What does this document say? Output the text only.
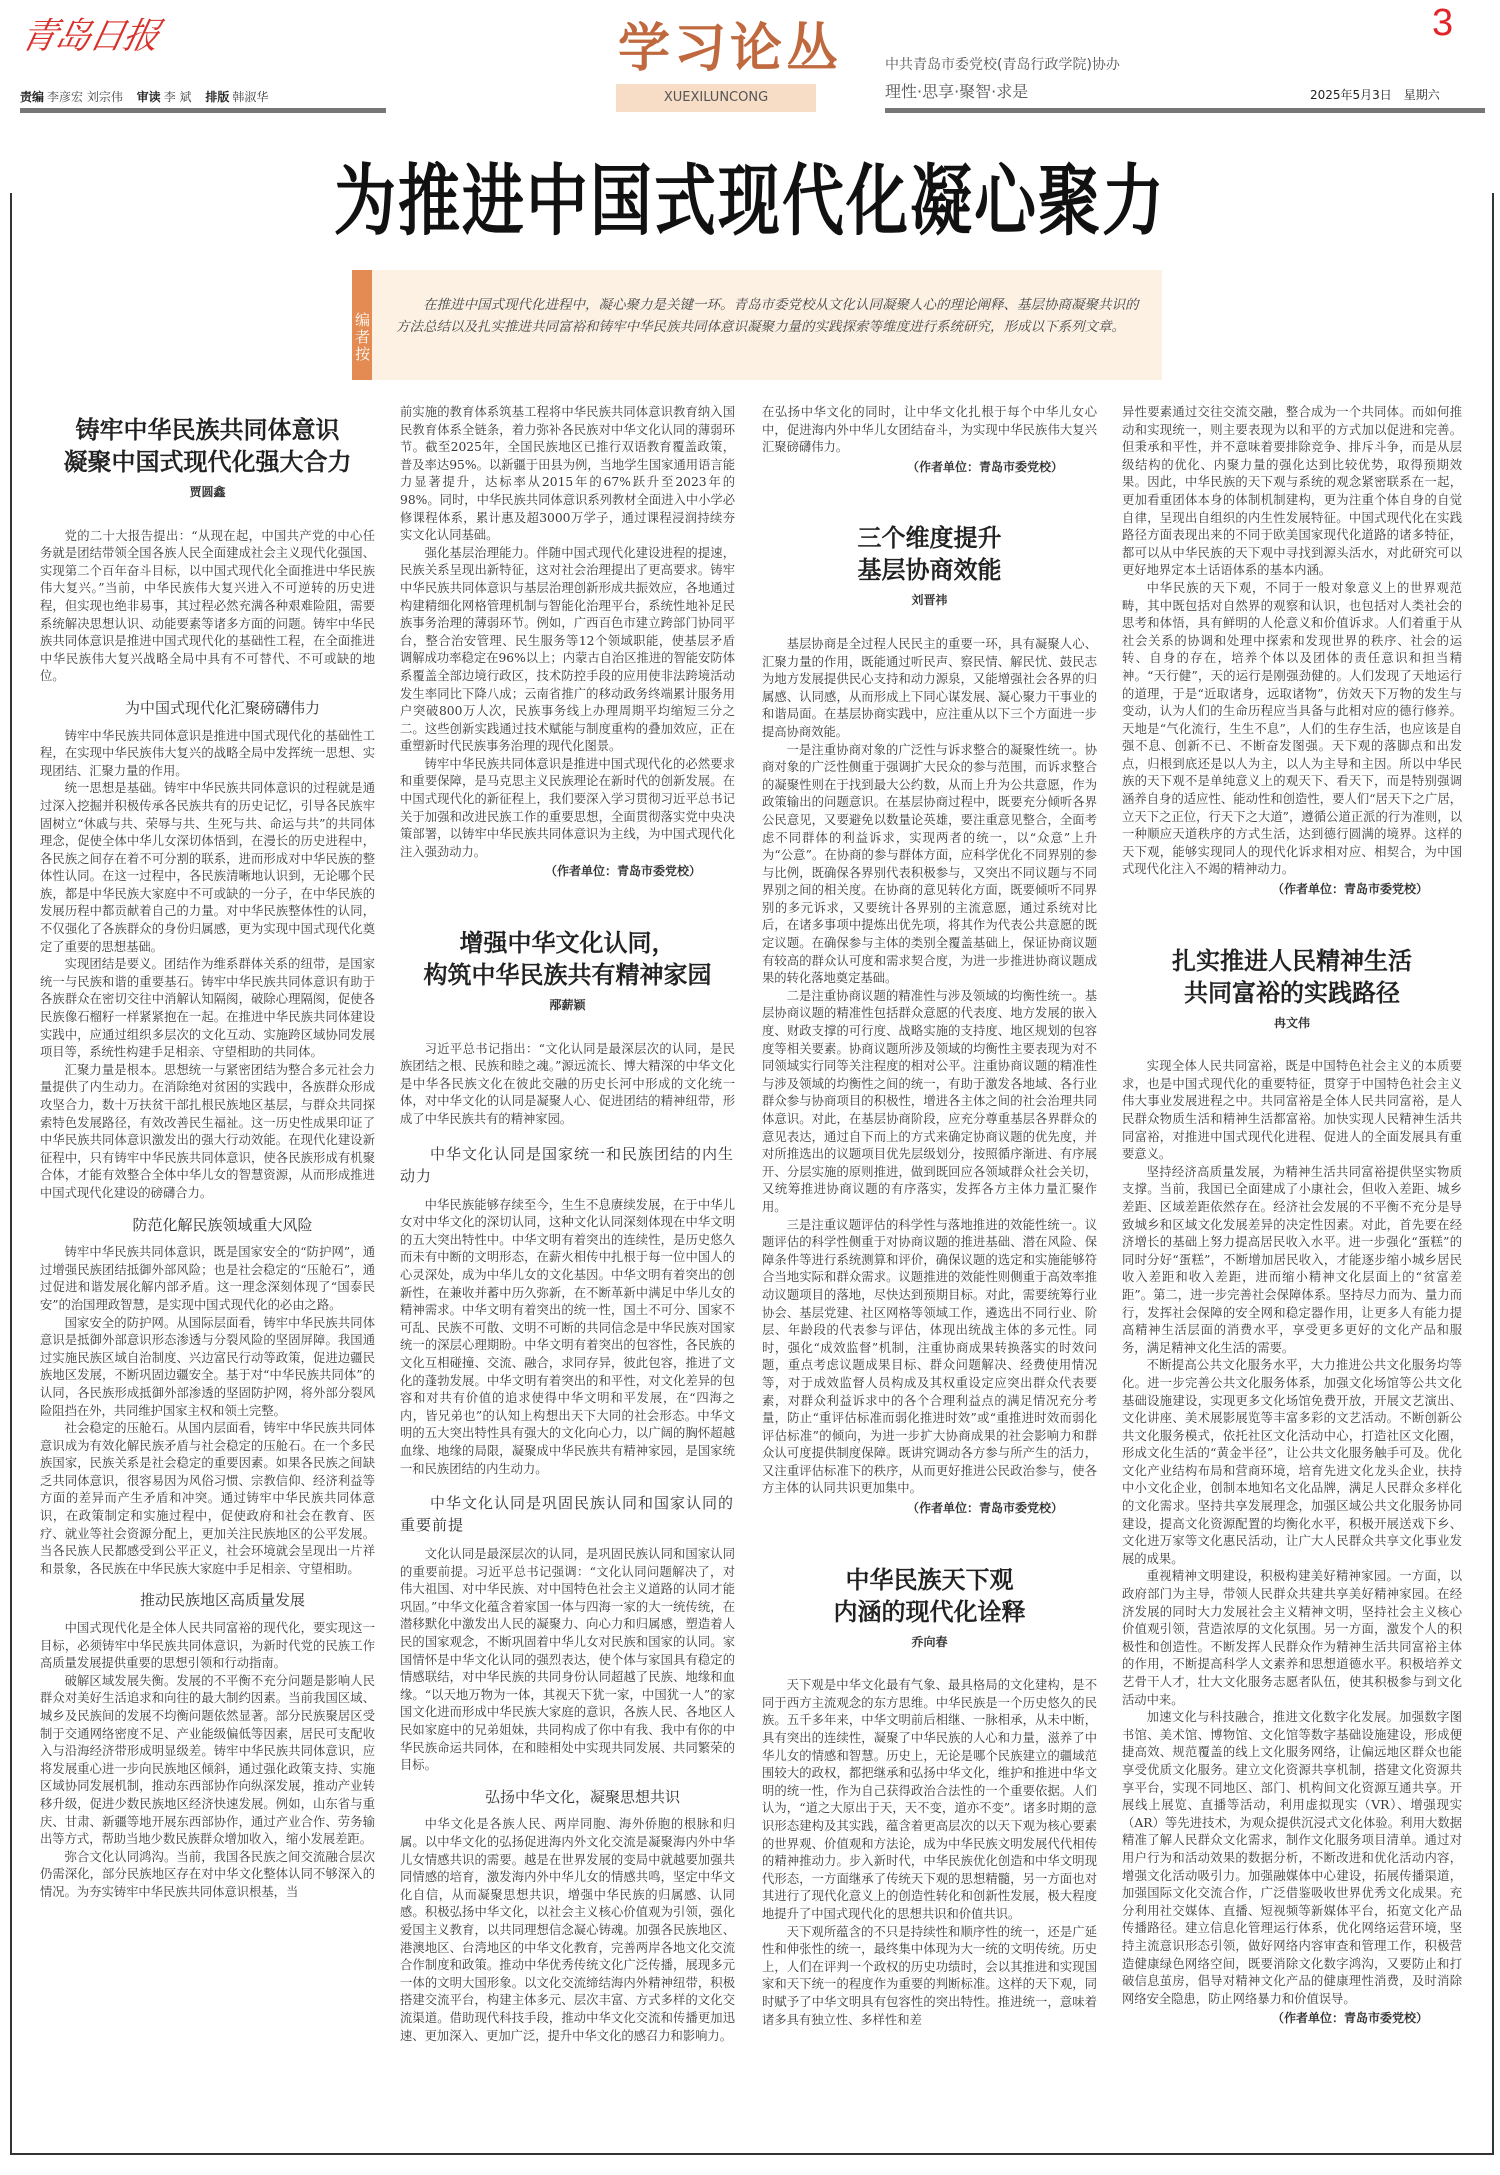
青岛日报
责编 李彦宏 刘宗伟 审读 李 斌 排版 韩淑华
学习论丛
XUEXILUNCONG
中共青岛市委党校(青岛行政学院)协办
理性·思享·聚智·求是	2025年5月3日　星期六
3
为推进中国式现代化凝心聚力
编者按
在推进中国式现代化进程中，凝心聚力是关键一环。青岛市委党校从文化认同凝聚人心的理论阐释、基层协商凝聚共识的方法总结以及扎实推进共同富裕和铸牢中华民族共同体意识凝聚力量的实践探索等维度进行系统研究，形成以下系列文章。
铸牢中华民族共同体意识
凝聚中国式现代化强大合力
贾圆鑫

党的二十大报告提出：“从现在起，中国共产党的中心任务就是团结带领全国各族人民全面建成社会主义现代化强国、实现第二个百年奋斗目标，以中国式现代化全面推进中华民族伟大复兴。”当前，中华民族伟大复兴进入不可逆转的历史进程，但实现也绝非易事，其过程必然充满各种艰难险阻，需要系统解决思想认识、动能要素等诸多方面的问题。铸牢中华民族共同体意识是推进中国式现代化的基础性工程，在全面推进中华民族伟大复兴战略全局中具有不可替代、不可或缺的地位。

为中国式现代化汇聚磅礴伟力

铸牢中华民族共同体意识是推进中国式现代化的基础性工程，在实现中华民族伟大复兴的战略全局中发挥统一思想、实现团结、汇聚力量的作用。

统一思想是基础。铸牢中华民族共同体意识的过程就是通过深入挖掘并积极传承各民族共有的历史记忆，引导各民族牢固树立“休戚与共、荣辱与共、生死与共、命运与共”的共同体理念，促使全体中华儿女深切体悟到，在漫长的历史进程中，各民族之间存在着不可分割的联系，进而形成对中华民族的整体性认同。在这一过程中，各民族清晰地认识到，无论哪个民族，都是中华民族大家庭中不可或缺的一分子，在中华民族的发展历程中都贡献着自己的力量。对中华民族整体性的认同，不仅强化了各族群众的身份归属感，更为实现中国式现代化奠定了重要的思想基础。

实现团结是要义。团结作为维系群体关系的纽带，是国家统一与民族和谐的重要基石。铸牢中华民族共同体意识有助于各族群众在密切交往中消解认知隔阂，破除心理隔阂，促使各民族像石榴籽一样紧紧抱在一起。在推进中华民族共同体建设实践中，应通过组织多层次的文化互动、实施跨区域协同发展项目等，系统性构建手足相亲、守望相助的共同体。

汇聚力量是根本。思想统一与紧密团结为整合多元社会力量提供了内生动力。在消除绝对贫困的实践中，各族群众形成攻坚合力，数十万扶贫干部扎根民族地区基层，与群众共同探索特色发展路径，有效改善民生福祉。这一历史性成果印证了中华民族共同体意识激发出的强大行动效能。在现代化建设新征程中，只有铸牢中华民族共同体意识，使各民族形成有机聚合体，才能有效整合全体中华儿女的智慧资源，从而形成推进中国式现代化建设的磅礴合力。

防范化解民族领域重大风险

铸牢中华民族共同体意识，既是国家安全的“防护网”，通过增强民族团结抵御外部风险；也是社会稳定的“压舱石”，通过促进和谐发展化解内部矛盾。这一理念深刻体现了“国泰民安”的治国理政智慧，是实现中国式现代化的必由之路。

国家安全的防护网。从国际层面看，铸牢中华民族共同体意识是抵御外部意识形态渗透与分裂风险的坚固屏障。我国通过实施民族区域自治制度、兴边富民行动等政策，促进边疆民族地区发展，不断巩固边疆安全。基于对“中华民族共同体”的认同，各民族形成抵御外部渗透的坚固防护网，将外部分裂风险阻挡在外，共同维护国家主权和领土完整。

社会稳定的压舱石。从国内层面看，铸牢中华民族共同体意识成为有效化解民族矛盾与社会稳定的压舱石。在一个多民族国家，民族关系是社会稳定的重要因素。如果各民族之间缺乏共同体意识，很容易因为风俗习惯、宗教信仰、经济利益等方面的差异而产生矛盾和冲突。通过铸牢中华民族共同体意识，在政策制定和实施过程中，促使政府和社会在教育、医疗、就业等社会资源分配上，更加关注民族地区的公平发展。当各民族人民都感受到公平正义，社会环境就会呈现出一片祥和景象，各民族在中华民族大家庭中手足相亲、守望相助。

推动民族地区高质量发展

中国式现代化是全体人民共同富裕的现代化，要实现这一目标，必须铸牢中华民族共同体意识，为新时代党的民族工作高质量发展提供重要的思想引领和行动指南。

破解区域发展失衡。发展的不平衡不充分问题是影响人民群众对美好生活追求和向往的最大制约因素。当前我国区域、城乡及民族间的发展不均衡问题依然显著。部分民族聚居区受制于交通网络密度不足、产业能级偏低等因素，居民可支配收入与沿海经济带形成明显级差。铸牢中华民族共同体意识，应将发展重心进一步向民族地区倾斜，通过强化政策支持、实施区域协同发展机制，推动东西部协作向纵深发展，推动产业转移升级，促进少数民族地区经济快速发展。例如，山东省与重庆、甘肃、新疆等地开展东西部协作，通过产业合作、劳务输出等方式，帮助当地少数民族群众增加收入，缩小发展差距。

弥合文化认同鸿沟。当前，我国各民族之间交流融合层次仍需深化，部分民族地区存在对中华文化整体认同不够深入的情况。为夯实铸牢中华民族共同体意识根基，当

前实施的教育体系筑基工程将中华民族共同体意识教育纳入国民教育体系全链条，着力弥补各民族对中华文化认同的薄弱环节。截至2025年，全国民族地区已推行双语教育覆盖政策，普及率达95%。以新疆于田县为例，当地学生国家通用语言能力显著提升，达标率从2015年的67%跃升至2023年的98%。同时，中华民族共同体意识系列教材全面进入中小学必修课程体系，累计惠及超3000万学子，通过课程浸润持续夯实文化认同基础。

强化基层治理能力。伴随中国式现代化建设进程的提速，民族关系呈现出新特征，这对社会治理提出了更高要求。铸牢中华民族共同体意识与基层治理创新形成共振效应，各地通过构建精细化网格管理机制与智能化治理平台，系统性地补足民族事务治理的薄弱环节。例如，广西百色市建立跨部门协同平台，整合治安管理、民生服务等12个领域职能，使基层矛盾调解成功率稳定在96%以上；内蒙古自治区推进的智能安防体系覆盖全部边境行政区，技术防控手段的应用使非法跨境活动发生率同比下降八成；云南省推广的移动政务终端累计服务用户突破800万人次，民族事务线上办理周期平均缩短三分之二。这些创新实践通过技术赋能与制度重构的叠加效应，正在重塑新时代民族事务治理的现代化图景。

铸牢中华民族共同体意识是推进中国式现代化的必然要求和重要保障，是马克思主义民族理论在新时代的创新发展。在中国式现代化的新征程上，我们要深入学习贯彻习近平总书记关于加强和改进民族工作的重要思想，全面贯彻落实党中央决策部署，以铸牢中华民族共同体意识为主线，为中国式现代化注入强劲动力。

（作者单位：青岛市委党校）
增强中华文化认同，
构筑中华民族共有精神家园
邴薪颖

习近平总书记指出：“文化认同是最深层次的认同，是民族团结之根、民族和睦之魂。”源远流长、博大精深的中华文化是中华各民族文化在彼此交融的历史长河中形成的文化统一体，对中华文化的认同是凝聚人心、促进团结的精神纽带，形成了中华民族共有的精神家园。

中华文化认同是国家统一和民族团结的内生动力

中华民族能够存续至今，生生不息赓续发展，在于中华儿女对中华文化的深切认同，这种文化认同深刻体现在中华文明的五大突出特性中。中华文明有着突出的连续性，是历史悠久而未有中断的文明形态，在薪火相传中扎根于每一位中国人的心灵深处，成为中华儿女的文化基因。中华文明有着突出的创新性，在兼收并蓄中历久弥新，在不断革新中满足中华儿女的精神需求。中华文明有着突出的统一性，国土不可分、国家不可乱、民族不可散、文明不可断的共同信念是中华民族对国家统一的深层心理期盼。中华文明有着突出的包容性，各民族的文化互相碰撞、交流、融合，求同存异，彼此包容，推进了文化的蓬勃发展。中华文明有着突出的和平性，对文化差异的包容和对共有价值的追求使得中华文明和平发展，在“四海之内，皆兄弟也”的认知上构想出天下大同的社会形态。中华文明的五大突出特性具有强大的文化向心力，以广阔的胸怀超越血缘、地缘的局限，凝聚成中华民族共有精神家园，是国家统一和民族团结的内生动力。

中华文化认同是巩固民族认同和国家认同的重要前提

文化认同是最深层次的认同，是巩固民族认同和国家认同的重要前提。习近平总书记强调：“文化认同问题解决了，对伟大祖国、对中华民族、对中国特色社会主义道路的认同才能巩固。”中华文化蕴含着家国一体与四海一家的大一统传统，在潜移默化中激发出人民的凝聚力、向心力和归属感，塑造着人民的国家观念，不断巩固着中华儿女对民族和国家的认同。家国情怀是中华文化认同的强烈表达，使个体与家国具有稳定的情感联结，对中华民族的共同身份认同超越了民族、地缘和血缘。“以天地万物为一体，其视天下犹一家，中国犹一人”的家国文化进而形成中华民族大家庭的意识，各族人民、各地区人民如家庭中的兄弟姐妹，共同构成了你中有我、我中有你的中华民族命运共同体，在和睦相处中实现共同发展、共同繁荣的目标。

弘扬中华文化，凝聚思想共识

中华文化是各族人民、两岸同胞、海外侨胞的根脉和归属。以中华文化的弘扬促进海内外文化交流是凝聚海内外中华儿女情感共识的需要。越是在世界发展的变局中就越要加强共同情感的培育，激发海内外中华儿女的情感共鸣，坚定中华文化自信，从而凝聚思想共识，增强中华民族的归属感、认同感。积极弘扬中华文化，以社会主义核心价值观为引领，强化爱国主义教育，以共同理想信念凝心铸魂。加强各民族地区、港澳地区、台湾地区的中华文化教育，完善两岸各地文化交流合作制度和政策。推动中华优秀传统文化广泛传播，展现多元一体的文明大国形象。以文化交流缔结海内外精神纽带，积极搭建交流平台，构建主体多元、层次丰富、方式多样的文化交流渠道。借助现代科技手段，推动中华文化交流和传播更加迅速、更加深入、更加广泛，提升中华文化的感召力和影响力。

在弘扬中华文化的同时，让中华文化扎根于每个中华儿女心中，促进海内外中华儿女团结奋斗，为实现中华民族伟大复兴汇聚磅礴伟力。

（作者单位：青岛市委党校）
三个维度提升
基层协商效能
刘晋祎

基层协商是全过程人民民主的重要一环，具有凝聚人心、汇聚力量的作用，既能通过听民声、察民情、解民忧、鼓民志为地方发展提供民心支持和动力源泉，又能增强社会各界的归属感、认同感，从而形成上下同心谋发展、凝心聚力干事业的和谐局面。在基层协商实践中，应注重从以下三个方面进一步提高协商效能。

一是注重协商对象的广泛性与诉求整合的凝聚性统一。协商对象的广泛性侧重于强调扩大民众的参与范围，而诉求整合的凝聚性则在于找到最大公约数，从而上升为公共意愿，作为政策输出的问题意识。在基层协商过程中，既要充分倾听各界公民意见，又要避免以数量论英雄，要注重意见整合，全面考虑不同群体的利益诉求，实现两者的统一，以“众意”上升为“公意”。在协商的参与群体方面，应科学优化不同界别的参与比例，既确保各界别代表积极参与，又突出不同议题与不同界别之间的相关度。在协商的意见转化方面，既要倾听不同界别的多元诉求，又要统计各界别的主流意愿，通过系统对比后，在诸多事项中提炼出优先项，将其作为代表公共意愿的既定议题。在确保参与主体的类别全覆盖基础上，保证协商议题有较高的群众认可度和需求契合度，为进一步推进协商议题成果的转化落地奠定基础。

二是注重协商议题的精准性与涉及领域的均衡性统一。基层协商议题的精准性包括群众意愿的代表度、地方发展的嵌入度、财政支撑的可行度、战略实施的支持度、地区规划的包容度等相关要素。协商议题所涉及领域的均衡性主要表现为对不同领域实行同等关注程度的相对公平。注重协商议题的精准性与涉及领域的均衡性之间的统一，有助于激发各地域、各行业群众参与协商项目的积极性，增进各主体之间的社会治理共同体意识。对此，在基层协商阶段，应充分尊重基层各界群众的意见表达，通过自下而上的方式来确定协商议题的优先度，并对所推选出的议题项目优先层级划分，按照循序渐进、有序展开、分层实施的原则推进，做到既回应各领域群众社会关切，又统筹推进协商议题的有序落实，发挥各方主体力量汇聚作用。

三是注重议题评估的科学性与落地推进的效能性统一。议题评估的科学性侧重于对协商议题的推进基础、潜在风险、保障条件等进行系统测算和评价，确保议题的选定和实施能够符合当地实际和群众需求。议题推进的效能性则侧重于高效率推动议题项目的落地，尽快达到预期目标。对此，需要统筹行业协会、基层党建、社区网格等领域工作，遴选出不同行业、阶层、年龄段的代表参与评估，体现出统战主体的多元性。同时，强化“成效监督”机制，注重协商成果转换落实的时效问题，重点考虑议题成果目标、群众问题解决、经费使用情况等，对于成效监督人员构成及其权重设定应突出群众代表要素，对群众利益诉求中的各个合理利益点的满足情况充分考量，防止“重评估标准而弱化推进时效”或“重推进时效而弱化评估标准”的倾向，为进一步扩大协商成果的社会影响力和群众认可度提供制度保障。既讲究调动各方参与所产生的活力，又注重评估标准下的秩序，从而更好推进公民政治参与，使各方主体的认同共识更加集中。

（作者单位：青岛市委党校）
中华民族天下观
内涵的现代化诠释
乔向春

天下观是中华文化最有气象、最具格局的文化建构，是不同于西方主流观念的东方思维。中华民族是一个历史悠久的民族。五千多年来，中华文明前后相继、一脉相承，从未中断，具有突出的连续性，凝聚了中华民族的人心和力量，滋养了中华儿女的情感和智慧。历史上，无论是哪个民族建立的疆域范围较大的政权，都把继承和弘扬中华文化，维护和推进中华文明的统一性，作为自己获得政治合法性的一个重要依据。人们认为，“道之大原出于天，天不变，道亦不变”。诸多时期的意识形态建构及其实践，蕴含着更高层次的以天下观为核心要素的世界观、价值观和方法论，成为中华民族文明发展代代相传的精神推动力。步入新时代，中华民族优化创造和中华文明现代形态，一方面继承了传统天下观的思想精髓，另一方面也对其进行了现代化意义上的创造性转化和创新性发展，极大程度地提升了中国式现代化的思想共识和价值共识。

天下观所蕴含的不只是持续性和顺序性的统一，还是广延性和伸张性的统一，最终集中体现为大一统的文明传统。历史上，人们在评判一个政权的历史功绩时，会以其推进和实现国家和天下统一的程度作为重要的判断标准。这样的天下观，同时赋予了中华文明具有包容性的突出特性。推进统一，意味着诸多具有独立性、多样性和差

异性要素通过交往交流交融，整合成为一个共同体。而如何推动和实现统一，则主要表现为以和平的方式加以促进和完善。但秉承和平性，并不意味着要排除竞争、排斥斗争，而是从层级结构的优化、内聚力量的强化达到比较优势，取得预期效果。因此，中华民族的天下观与系统的观念紧密联系在一起，更加看重团体本身的体制机制建构，更为注重个体自身的自觉自律，呈现出自组织的内生性发展特征。中国式现代化在实践路径方面表现出来的不同于欧美国家现代化道路的诸多特征，都可以从中华民族的天下观中寻找到源头活水，对此研究可以更好地界定本土话语体系的基本内涵。

中华民族的天下观，不同于一般对象意义上的世界观范畴，其中既包括对自然界的观察和认识，也包括对人类社会的思考和体悟，具有鲜明的人伦意义和价值诉求。人们着重于从社会关系的协调和处理中探索和发现世界的秩序、社会的运转、自身的存在，培养个体以及团体的责任意识和担当精神。“天行健”，天的运行是刚强劲健的。人们发现了天地运行的道理，于是“近取诸身，远取诸物”，仿效天下万物的发生与变动，认为人们的生命历程应当具备与此相对应的德行修养。天地是“气化流行，生生不息”，人们的生存生活，也应该是自强不息、创新不已、不断奋发图强。天下观的落脚点和出发点，归根到底还是以人为主，以人为主导和主因。所以中华民族的天下观不是单纯意义上的观天下、看天下，而是特别强调涵养自身的适应性、能动性和创造性，要人们“居天下之广居，立天下之正位，行天下之大道”，遵循公道正派的行为准则，以一种顺应天道秩序的方式生活，达到德行圆满的境界。这样的天下观，能够实现同人的现代化诉求相对应、相契合，为中国式现代化注入不竭的精神动力。

（作者单位：青岛市委党校）
扎实推进人民精神生活
共同富裕的实践路径
冉文伟

实现全体人民共同富裕，既是中国特色社会主义的本质要求，也是中国式现代化的重要特征，贯穿于中国特色社会主义伟大事业发展进程之中。共同富裕是全体人民共同富裕，是人民群众物质生活和精神生活都富裕。加快实现人民精神生活共同富裕，对推进中国式现代化进程、促进人的全面发展具有重要意义。

坚持经济高质量发展，为精神生活共同富裕提供坚实物质支撑。当前，我国已全面建成了小康社会，但收入差距、城乡差距、区域差距依然存在。经济社会发展的不平衡不充分是导致城乡和区域文化发展差异的决定性因素。对此，首先要在经济增长的基础上努力提高居民收入水平。进一步强化“蛋糕”的同时分好“蛋糕”，不断增加居民收入，才能逐步缩小城乡居民收入差距和收入差距，进而缩小精神文化层面上的“贫富差距”。第二，进一步完善社会保障体系。坚持尽力而为、量力而行，发挥社会保障的安全网和稳定器作用，让更多人有能力提高精神生活层面的消费水平，享受更多更好的文化产品和服务，满足精神文化生活的需要。

不断提高公共文化服务水平，大力推进公共文化服务均等化。进一步完善公共文化服务体系，加强文化场馆等公共文化基础设施建设，实现更多文化场馆免费开放，开展文艺演出、文化讲座、美术展影展览等丰富多彩的文艺活动。不断创新公共文化服务模式，依托社区文化活动中心，打造社区文化圈，形成文化生活的“黄金半径”，让公共文化服务触手可及。优化文化产业结构布局和营商环境，培育先进文化龙头企业，扶持中小文化企业，创制本地知名文化品牌，满足人民群众多样化的文化需求。坚持共享发展理念，加强区域公共文化服务协同建设，提高文化资源配置的均衡化水平，积极开展送戏下乡、文化进万家等文化惠民活动，让广大人民群众共享文化事业发展的成果。

重视精神文明建设，积极构建美好精神家园。一方面，以政府部门为主导，带领人民群众共建共享美好精神家园。在经济发展的同时大力发展社会主义精神文明，坚持社会主义核心价值观引领，营造浓厚的文化氛围。另一方面，激发个人的积极性和创造性。不断发挥人民群众作为精神生活共同富裕主体的作用，不断提高科学人文素养和思想道德水平。积极培养文艺骨干人才，壮大文化服务志愿者队伍，使其积极参与到文化活动中来。

加速文化与科技融合，推进文化数字化发展。加强数字图书馆、美术馆、博物馆、文化馆等数字基础设施建设，形成便捷高效、规范覆盖的线上文化服务网络，让偏远地区群众也能享受优质文化服务。建立文化资源共享机制，搭建文化资源共享平台，实现不同地区、部门、机构间文化资源互通共享。开展线上展览、直播等活动，利用虚拟现实（VR）、增强现实（AR）等先进技术，为观众提供沉浸式文化体验。利用大数据精准了解人民群众文化需求，制作文化服务项目清单。通过对用户行为和活动效果的数据分析，不断改进和优化活动内容，增强文化活动吸引力。加强融媒体中心建设，拓展传播渠道，加强国际文化交流合作，广泛借鉴吸收世界优秀文化成果。充分利用社交媒体、直播、短视频等新媒体平台，拓宽文化产品传播路径。建立信息化管理运行体系，优化网络运营环境，坚持主流意识形态引领，做好网络内容审查和管理工作，积极营造健康绿色网络空间，既要消除文化数字鸿沟，又要防止和打破信息茧房，倡导对精神文化产品的健康理性消费，及时消除网络安全隐患，防止网络暴力和价值误导。

（作者单位：青岛市委党校）
